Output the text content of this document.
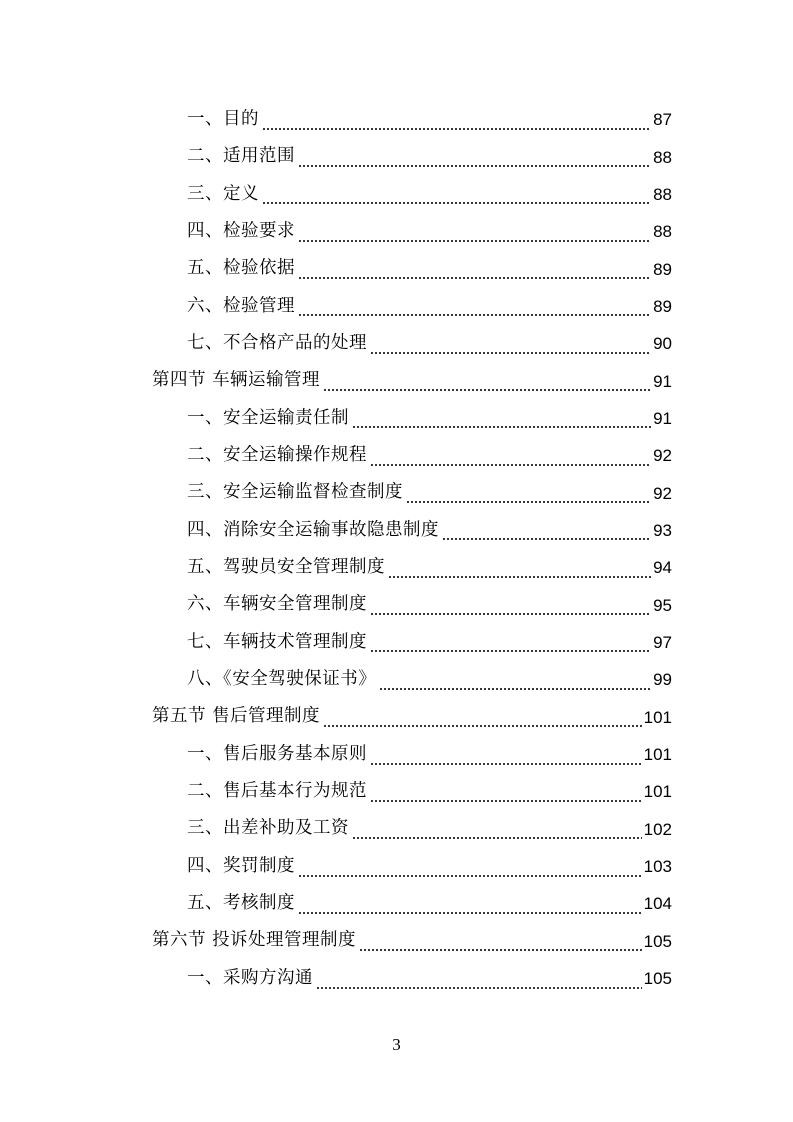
一、目的	87
二、适用范围	88
三、定义	88
四、检验要求	88
五、检验依据	89
六、检验管理	89
七、不合格产品的处理	90
第四节 车辆运输管理	91
一、安全运输责任制	91
二、安全运输操作规程	92
三、安全运输监督检查制度	92
四、消除安全运输事故隐患制度	93
五、驾驶员安全管理制度	94
六、车辆安全管理制度	95
七、车辆技术管理制度	97
八、《安全驾驶保证书》	99
第五节 售后管理制度	101
一、售后服务基本原则	101
二、售后基本行为规范	101
三、出差补助及工资	102
四、奖罚制度	103
五、考核制度	104
第六节 投诉处理管理制度	105
一、采购方沟通	105
3
